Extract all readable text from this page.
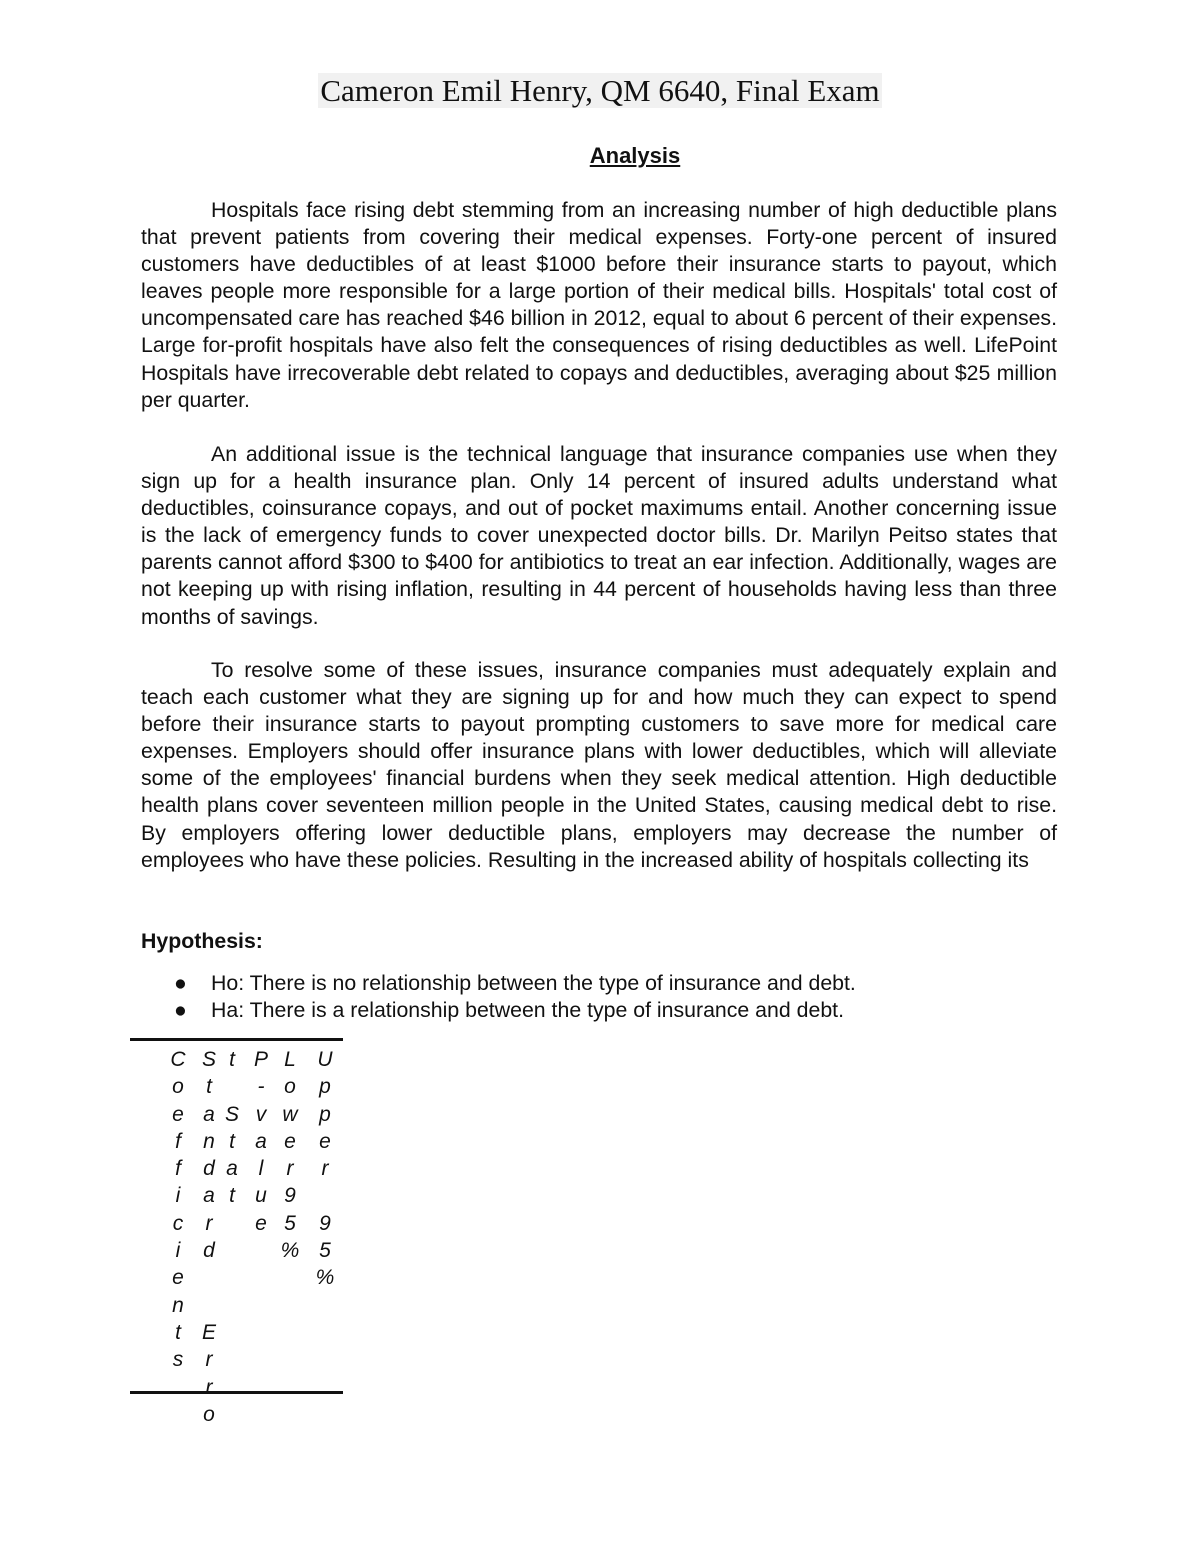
Cameron Emil Henry, QM 6640, Final Exam
Analysis

Hospitals face rising debt stemming from an increasing number of high deductible plans that prevent patients from covering their medical expenses. Forty-one percent of insured customers have deductibles of at least $1000 before their insurance starts to payout, which leaves people more responsible for a large portion of their medical bills. Hospitals' total cost of uncompensated care has reached $46 billion in 2012, equal to about 6 percent of their expenses. Large for-profit hospitals have also felt the consequences of rising deductibles as well. LifePoint Hospitals have irrecoverable debt related to copays and deductibles, averaging about $25 million per quarter.

An additional issue is the technical language that insurance companies use when they sign up for a health insurance plan. Only 14 percent of insured adults understand what deductibles, coinsurance copays, and out of pocket maximums entail. Another concerning issue is the lack of emergency funds to cover unexpected doctor bills. Dr. Marilyn Peitso states that parents cannot afford $300 to $400 for antibiotics to treat an ear infection. Additionally, wages are not keeping up with rising inflation, resulting in 44 percent of households having less than three months of savings.

To resolve some of these issues, insurance companies must adequately explain and teach each customer what they are signing up for and how much they can expect to spend before their insurance starts to payout prompting customers to save more for medical care expenses. Employers should offer insurance plans with lower deductibles, which will alleviate some of the employees' financial burdens when they seek medical attention. High deductible health plans cover seventeen million people in the United States, causing medical debt to rise. By employers offering lower deductible plans, employers may decrease the number of employees who have these policies. Resulting in the increased ability of hospitals collecting its

Hypothesis:
● Ho: There is no relationship between the type of insurance and debt.
● Ha: There is a relationship between the type of insurance and debt.
C
o
e
f
f
i
c
i
e
n
t
s
S
t
a
n
d
a
r
d

E
r
r
o
t

S
t
a
t
P
-
v
a
l
u
e
L
o
w
e
r
9
5
%
U
p
p
e
r

9
5
%
